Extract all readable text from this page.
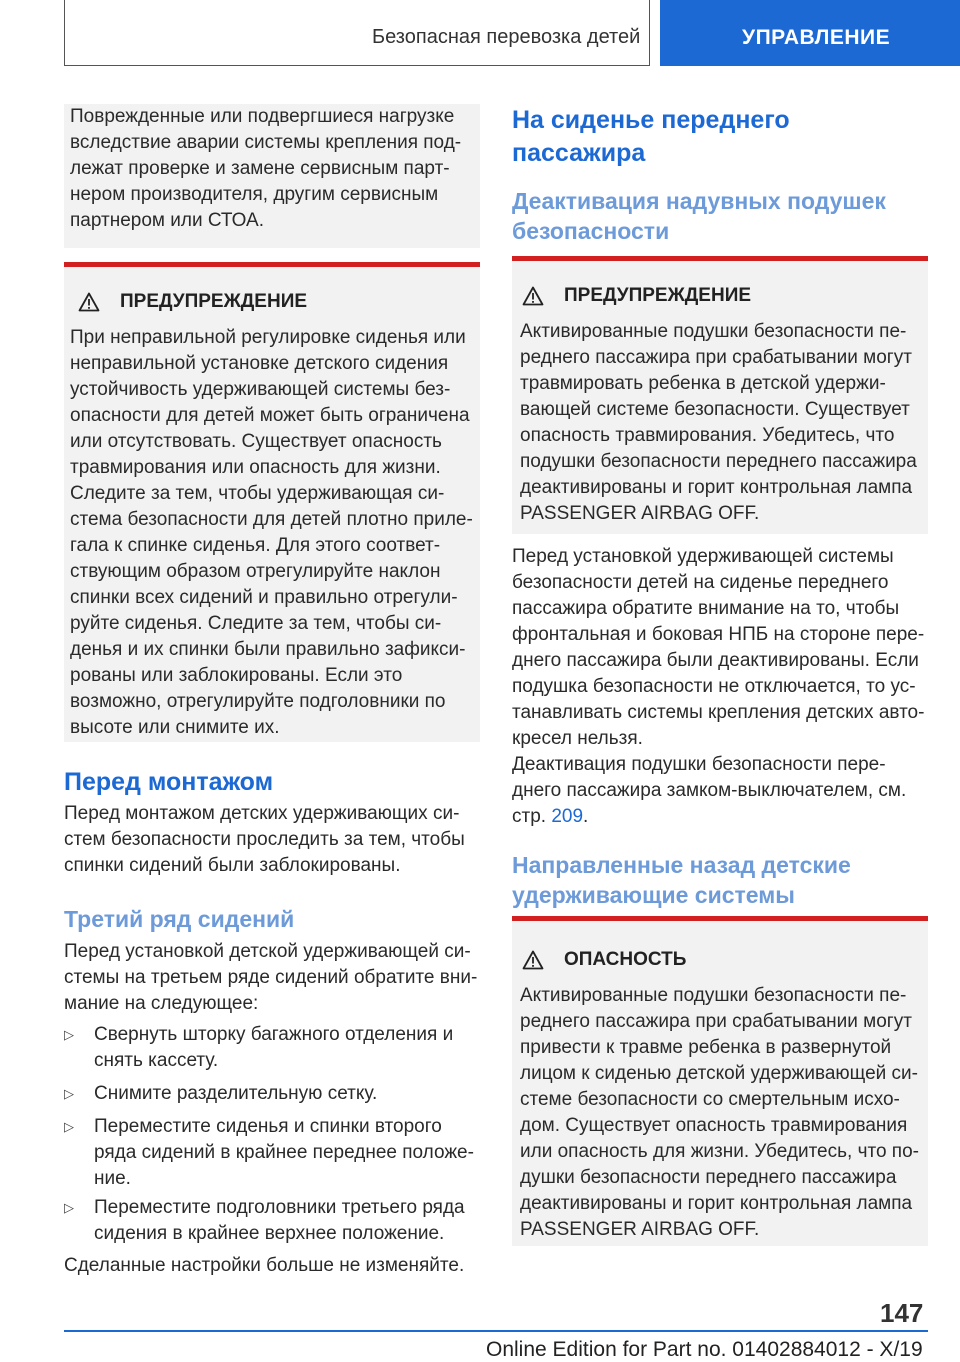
Безопасная перевозка детей	УПРАВЛЕНИЕ
Поврежденные или подвергшиеся нагрузке
вследствие аварии системы крепления под-
лежат проверке и замене сервисным парт-
нером производителя, другим сервисным
партнером или СТОА.
ПРЕДУПРЕЖДЕНИЕ
При неправильной регулировке сиденья или
неправильной установке детского сидения
устойчивость удерживающей системы без-
опасности для детей может быть ограничена
или отсутствовать. Существует опасность
травмирования или опасность для жизни.
Следите за тем, чтобы удерживающая си-
стема безопасности для детей плотно приле-
гала к спинке сиденья. Для этого соответ-
ствующим образом отрегулируйте наклон
спинки всех сидений и правильно отрегули-
руйте сиденья. Следите за тем, чтобы си-
денья и их спинки были правильно зафикси-
рованы или заблокированы. Если это
возможно, отрегулируйте подголовники по
высоте или снимите их.
Перед монтажом
Перед монтажом детских удерживающих си-
стем безопасности проследить за тем, чтобы
спинки сидений были заблокированы.
Третий ряд сидений
Перед установкой детской удерживающей си-
стемы на третьем ряде сидений обратите вни-
мание на следующее:
▷	Свернуть шторку багажного отделения и
снять кассету.
▷	Снимите разделительную сетку.
▷	Переместите сиденья и спинки второго
ряда сидений в крайнее переднее положе-
ние.
▷	Переместите подголовники третьего ряда
сидения в крайнее верхнее положение.
Сделанные настройки больше не изменяйте.
На сиденье переднего
пассажира
Деактивация надувных подушек
безопасности
ПРЕДУПРЕЖДЕНИЕ
Активированные подушки безопасности пе-
реднего пассажира при срабатывании могут
травмировать ребенка в детской удержи-
вающей системе безопасности. Существует
опасность травмирования. Убедитесь, что
подушки безопасности переднего пассажира
деактивированы и горит контрольная лампа
PASSENGER AIRBAG OFF.
Перед установкой удерживающей системы
безопасности детей на сиденье переднего
пассажира обратите внимание на то, чтобы
фронтальная и боковая НПБ на стороне пере-
днего пассажира были деактивированы. Если
подушка безопасности не отключается, то ус-
танавливать системы крепления детских авто-
кресел нельзя.
Деактивация подушки безопасности пере-
днего пассажира замком-выключателем, см.
стр. 209.
Направленные назад детские
удерживающие системы
ОПАСНОСТЬ
Активированные подушки безопасности пе-
реднего пассажира при срабатывании могут
привести к травме ребенка в развернутой
лицом к сиденью детской удерживающей си-
стеме безопасности со смертельным исхо-
дом. Существует опасность травмирования
или опасность для жизни. Убедитесь, что по-
душки безопасности переднего пассажира
деактивированы и горит контрольная лампа
PASSENGER AIRBAG OFF.
147
Online Edition for Part no. 01402884012 - X/19
